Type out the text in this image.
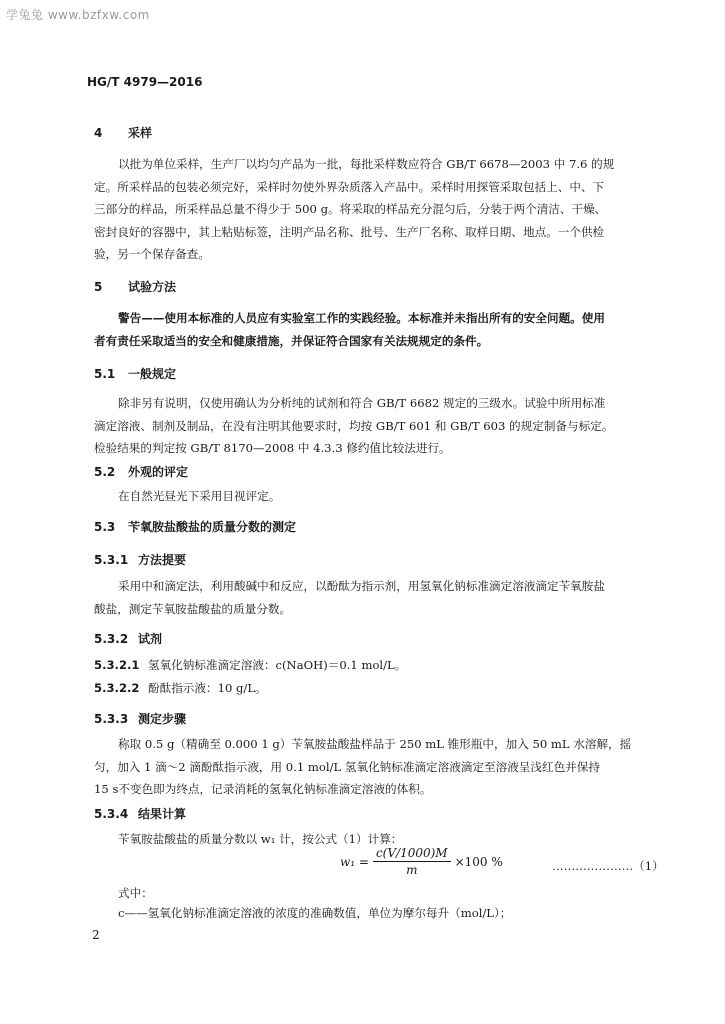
学兔兔 www.bzfxw.com
HG/T 4979—2016
4 采样
以批为单位采样，生产厂以均匀产品为一批，每批采样数应符合 GB/T 6678—2003 中 7.6 的规
定。所采样品的包装必须完好，采样时勿使外界杂质落入产品中。采样时用探管采取包括上、中、下
三部分的样品，所采样品总量不得少于 500 g。将采取的样品充分混匀后，分装于两个清洁、干燥、
密封良好的容器中，其上粘贴标签，注明产品名称、批号、生产厂名称、取样日期、地点。一个供检
验，另一个保存备查。
5 试验方法
警告——使用本标准的人员应有实验室工作的实践经验。本标准并未指出所有的安全问题。使用
者有责任采取适当的安全和健康措施，并保证符合国家有关法规规定的条件。
5.1 一般规定
除非另有说明，仅使用确认为分析纯的试剂和符合 GB/T 6682 规定的三级水。试验中所用标准
滴定溶液、制剂及制品，在没有注明其他要求时，均按 GB/T 601 和 GB/T 603 的规定制备与标定。
检验结果的判定按 GB/T 8170—2008 中 4.3.3 修约值比较法进行。
5.2 外观的评定
在自然光昼光下采用目视评定。
5.3 苄氧胺盐酸盐的质量分数的测定
5.3.1 方法提要
采用中和滴定法，利用酸碱中和反应，以酚酞为指示剂，用氢氧化钠标准滴定溶液滴定苄氧胺盐
酸盐，测定苄氧胺盐酸盐的质量分数。
5.3.2 试剂
5.3.2.1 氢氧化钠标准滴定溶液：c(NaOH)＝0.1 mol/L。
5.3.2.2 酚酞指示液：10 g/L。
5.3.3 测定步骤
称取 0.5 g（精确至 0.000 1 g）苄氧胺盐酸盐样品于 250 mL 锥形瓶中，加入 50 mL 水溶解，摇
匀，加入 1 滴～2 滴酚酞指示液，用 0.1 mol/L 氢氧化钠标准滴定溶液滴定至溶液呈浅红色并保持
15 s不变色即为终点，记录消耗的氢氧化钠标准滴定溶液的体积。
5.3.4 结果计算
苄氧胺盐酸盐的质量分数以 w₁ 计，按公式（1）计算：
$w_1 = \frac{c(V/1000)M}{m} \times 100$ %	…………………（1）
式中：
c——氢氧化钠标准滴定溶液的浓度的准确数值，单位为摩尔每升（mol/L）；
2
